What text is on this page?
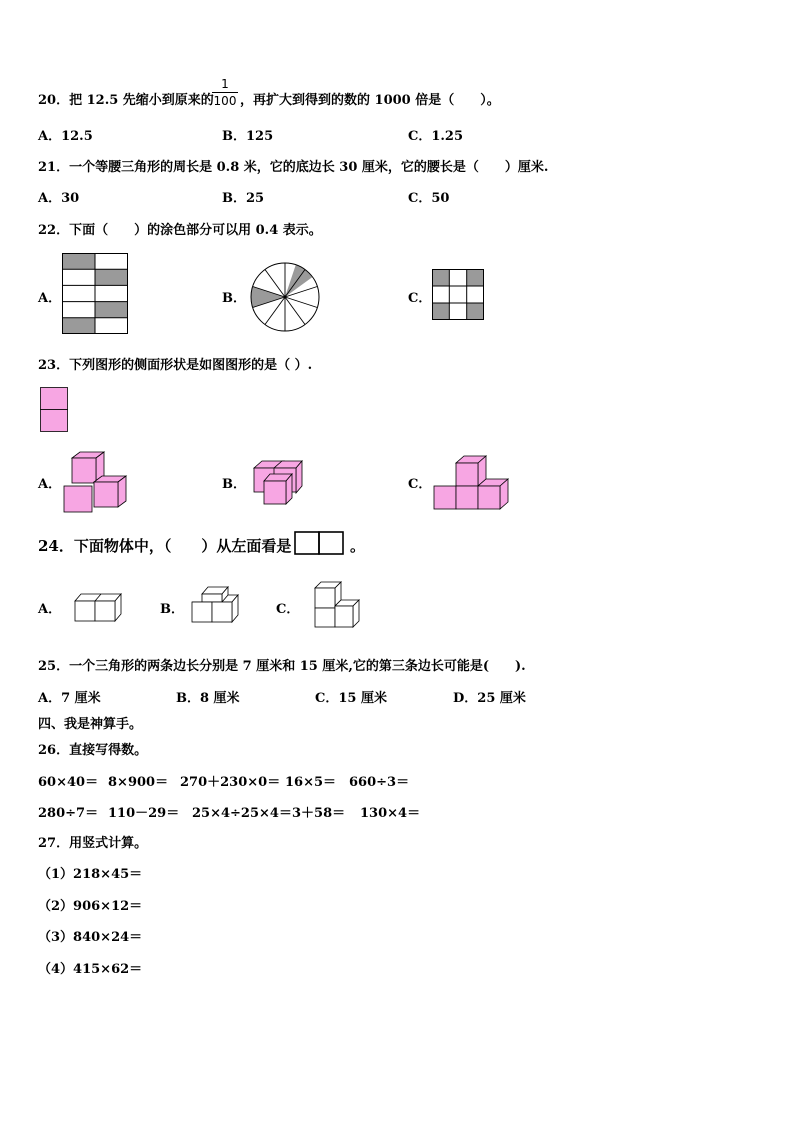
20．把 12.5 先缩小到原来的
$\frac{1}{100}$ ，再扩大到得到的数的 1000 倍是（　　）。
A．12.5	B．125	C．1.25
21．一个等腰三角形的周长是 0.8 米，它的底边长 30 厘米，它的腰长是（　　）厘米.
A．30	B．25	C．50
22．下面（　　）的涂色部分可以用 0.4 表示。
A．	B．	C．
23．下列图形的侧面形状是如图图形的是（ ）.
A．	B．	C．
24．下面物体中，（　　）从左面看是	。
A．	B．	C．
25．一个三角形的两条边长分别是 7 厘米和 15 厘米,它的第三条边长可能是(　　).
A．7 厘米	B．8 厘米	C．15 厘米	D．25 厘米
四、我是神算手。
26．直接写得数。
60×40＝ 8×900＝ 270＋230×0＝ 16×5＝ 660÷3＝
280÷7＝ 110－29＝ 25×4÷25×4＝ 3＋58＝ 130×4＝
27．用竖式计算。
（1）218×45＝
（2）906×12＝
（3）840×24＝
（4）415×62＝
